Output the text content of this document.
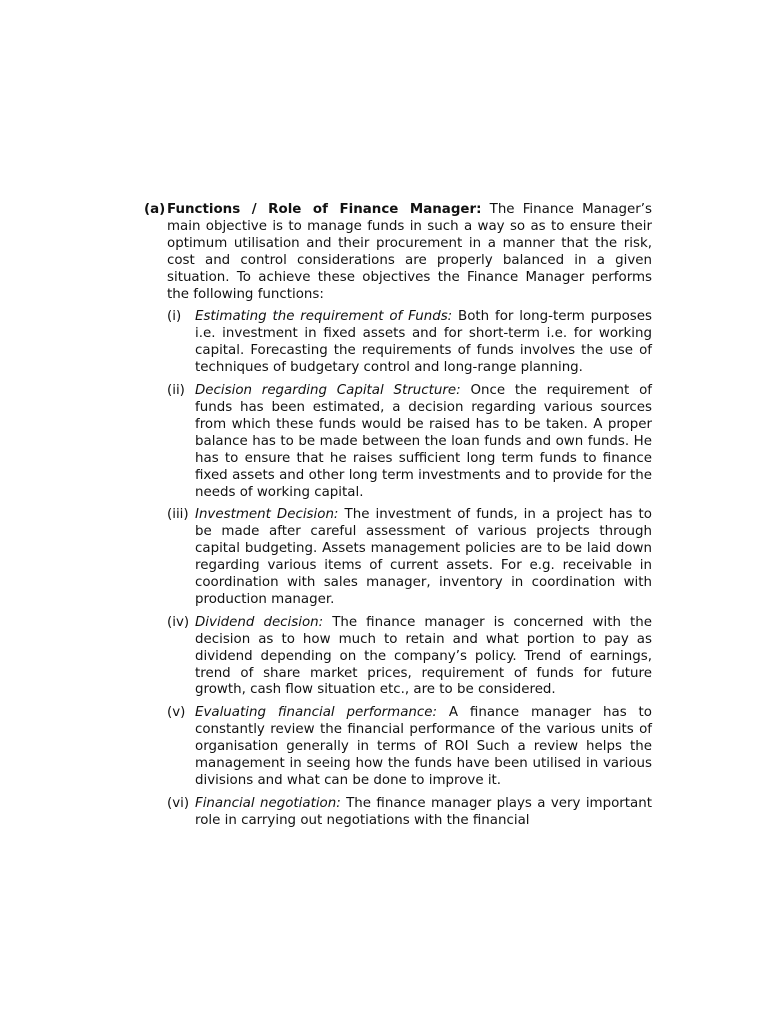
(a) Functions / Role of Finance Manager: The Finance Manager’s main objective is to manage funds in such a way so as to ensure their optimum utilisation and their procurement in a manner that the risk, cost and control considerations are properly balanced in a given situation. To achieve these objectives the Finance Manager performs the following functions:
(i)	Estimating the requirement of Funds: Both for long-term purposes i.e. investment in fixed assets and for short-term i.e. for working capital. Forecasting the requirements of funds involves the use of techniques of budgetary control and long-range planning.
(ii) Decision regarding Capital Structure: Once the requirement of funds has been estimated, a decision regarding various sources from which these funds would be raised has to be taken. A proper balance has to be made between the loan funds and own funds. He has to ensure that he raises sufficient long term funds to finance fixed assets and other long term investments and to provide for the needs of working capital.
(iii) Investment Decision: The investment of funds, in a project has to be made after careful assessment of various projects through capital budgeting. Assets management policies are to be laid down regarding various items of current assets. For e.g. receivable in coordination with sales manager, inventory in coordination with production manager.
(iv) Dividend decision: The finance manager is concerned with the decision as to how much to retain and what portion to pay as dividend depending on the company’s policy. Trend of earnings, trend of share market prices, requirement of funds for future growth, cash flow situation etc., are to be considered.
(v) Evaluating financial performance: A finance manager has to constantly review the financial performance of the various units of organisation generally in terms of ROI Such a review helps the management in seeing how the funds have been utilised in various divisions and what can be done to improve it.
(vi) Financial negotiation: The finance manager plays a very important role in carrying out negotiations with the financial
